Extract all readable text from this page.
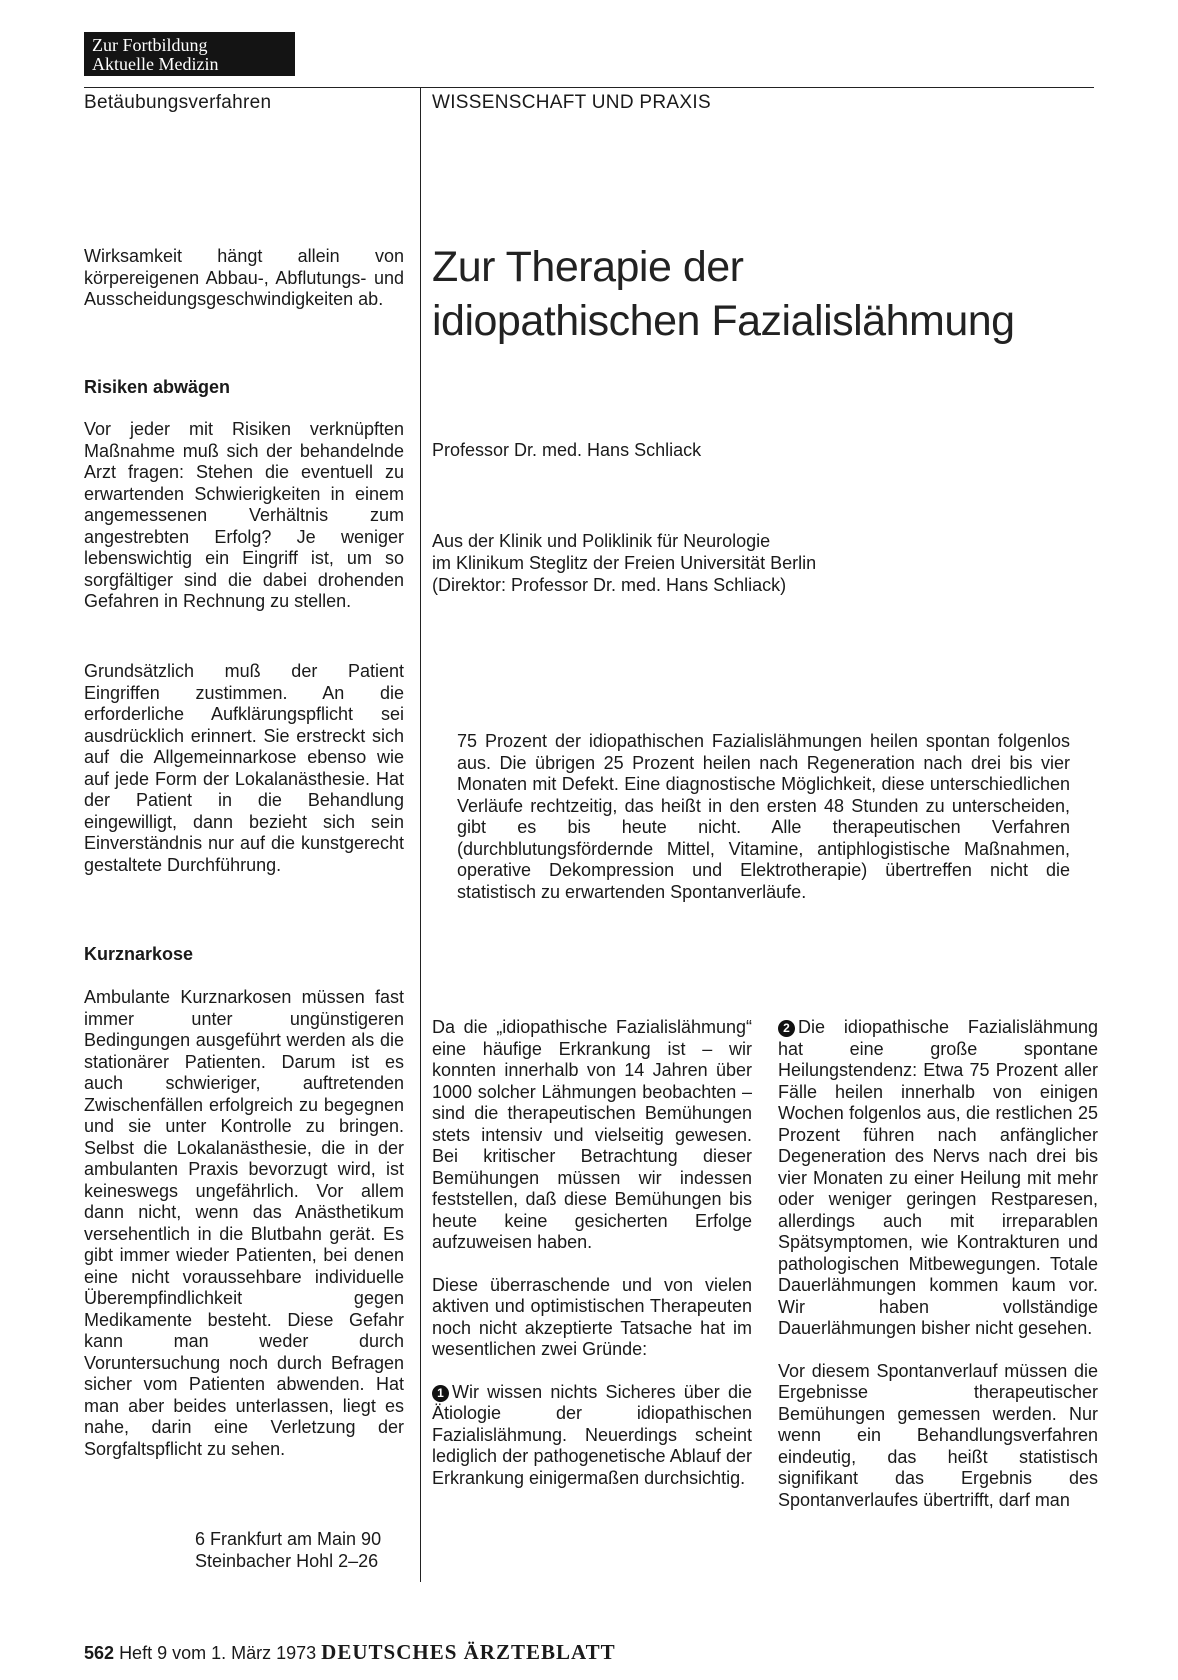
Zur Fortbildung
Aktuelle Medizin
Betäubungsverfahren	WISSENSCHAFT UND PRAXIS

Wirksamkeit hängt allein von körpereigenen Abbau-, Abflutungs- und Ausscheidungsgeschwindigkeiten ab.

Risiken abwägen

Vor jeder mit Risiken verknüpften Maßnahme muß sich der behandelnde Arzt fragen: Stehen die eventuell zu erwartenden Schwierigkeiten in einem angemessenen Verhältnis zum angestrebten Erfolg? Je weniger lebenswichtig ein Eingriff ist, um so sorgfältiger sind die dabei drohenden Gefahren in Rechnung zu stellen.

Grundsätzlich muß der Patient Eingriffen zustimmen. An die erforderliche Aufklärungspflicht sei ausdrücklich erinnert. Sie erstreckt sich auf die Allgemeinnarkose ebenso wie auf jede Form der Lokalanästhesie. Hat der Patient in die Behandlung eingewilligt, dann bezieht sich sein Einverständnis nur auf die kunstgerecht gestaltete Durchführung.

Kurznarkose

Ambulante Kurznarkosen müssen fast immer unter ungünstigeren Bedingungen ausgeführt werden als die stationärer Patienten. Darum ist es auch schwieriger, auftretenden Zwischenfällen erfolgreich zu begegnen und sie unter Kontrolle zu bringen. Selbst die Lokalanästhesie, die in der ambulanten Praxis bevorzugt wird, ist keineswegs ungefährlich. Vor allem dann nicht, wenn das Anästhetikum versehentlich in die Blutbahn gerät. Es gibt immer wieder Patienten, bei denen eine nicht voraussehbare individuelle Überempfindlichkeit gegen Medikamente besteht. Diese Gefahr kann man weder durch Voruntersuchung noch durch Befragen sicher vom Patienten abwenden. Hat man aber beides unterlassen, liegt es nahe, darin eine Verletzung der Sorgfaltspflicht zu sehen.

6 Frankfurt am Main 90
Steinbacher Hohl 2–26
Zur Therapie der
idiopathischen Fazialislähmung
Professor Dr. med. Hans Schliack
Aus der Klinik und Poliklinik für Neurologie
im Klinikum Steglitz der Freien Universität Berlin
(Direktor: Professor Dr. med. Hans Schliack)

75 Prozent der idiopathischen Fazialislähmungen heilen spontan folgenlos aus. Die übrigen 25 Prozent heilen nach Regeneration nach drei bis vier Monaten mit Defekt. Eine diagnostische Möglichkeit, diese unterschiedlichen Verläufe rechtzeitig, das heißt in den ersten 48 Stunden zu unterscheiden, gibt es bis heute nicht. Alle therapeutischen Verfahren (durchblutungsfördernde Mittel, Vitamine, antiphlogistische Maßnahmen, operative Dekompression und Elektrotherapie) übertreffen nicht die statistisch zu erwartenden Spontanverläufe.

Da die „idiopathische Fazialislähmung“ eine häufige Erkrankung ist – wir konnten innerhalb von 14 Jahren über 1000 solcher Lähmungen beobachten – sind die therapeutischen Bemühungen stets intensiv und vielseitig gewesen. Bei kritischer Betrachtung dieser Bemühungen müssen wir indessen feststellen, daß diese Bemühungen bis heute keine gesicherten Erfolge aufzuweisen haben.

Diese überraschende und von vielen aktiven und optimistischen Therapeuten noch nicht akzeptierte Tatsache hat im wesentlichen zwei Gründe:

1 Wir wissen nichts Sicheres über die Ätiologie der idiopathischen Fazialislähmung. Neuerdings scheint lediglich der pathogenetische Ablauf der Erkrankung einigermaßen durchsichtig.

2 Die idiopathische Fazialislähmung hat eine große spontane Heilungstendenz: Etwa 75 Prozent aller Fälle heilen innerhalb von einigen Wochen folgenlos aus, die restlichen 25 Prozent führen nach anfänglicher Degeneration des Nervs nach drei bis vier Monaten zu einer Heilung mit mehr oder weniger geringen Restparesen, allerdings auch mit irreparablen Spätsymptomen, wie Kontrakturen und pathologischen Mitbewegungen. Totale Dauerlähmungen kommen kaum vor. Wir haben vollständige Dauerlähmungen bisher nicht gesehen.

Vor diesem Spontanverlauf müssen die Ergebnisse therapeutischer Bemühungen gemessen werden. Nur wenn ein Behandlungsverfahren eindeutig, das heißt statistisch signifikant das Ergebnis des Spontanverlaufes übertrifft, darf man

562 Heft 9 vom 1. März 1973 DEUTSCHES ÄRZTEBLATT
